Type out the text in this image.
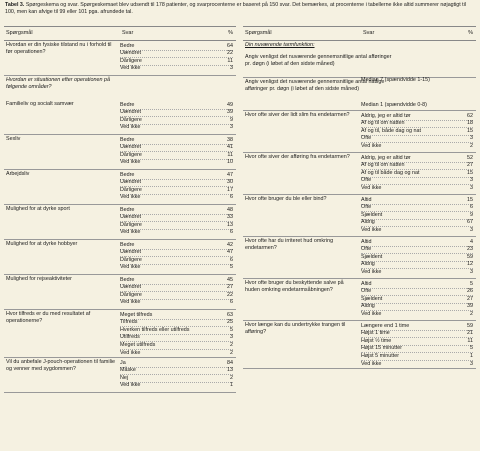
Tabel 3. Spørgeskema og svar. Spørgeskemaet blev udsendt til 178 patienter, og svarprocenterne er baseret på 150 svar. Det bemærkes, at procenterne i tabellerne ikke altid summerer nøjagtigt til 100, men kan afvige til 99 eller 101 pga. afrundede tal.
Spørgsmål	Svar	%
Hvordan er din fysiske tilstand nu i forhold til før operationen?
Bedre	64
Uændret	22
Dårligere	11
Ved ikke	3
Hvordan er situationen efter operationen på følgende områder?
Familieliv og socialt samvær	Bedre	49
Uændret	39
Dårligere	9
Ved ikke	3
Sexliv	Bedre	38
Uændret	41
Dårligere	11
Ved ikke	10
Arbejdsliv	Bedre	47
Uændret	30
Dårligere	17
Ved ikke	6
Mulighed for at dyrke sport	Bedre	48
Uændret	33
Dårligere	13
Ved ikke	6
Mulighed for at dyrke hobbyer	Bedre	42
Uændret	47
Dårligere	6
Ved ikke	5
Mulighed for rejseaktiviteter	Bedre	45
Uændret	27
Dårligere	22
Ved ikke	6
Hvor tilfreds er du med resultatet af operationerne?
Meget tilfreds	63
Tilfreds	25
Hverken tilfreds eller utilfreds	5
Utilfreds	3
Meget utilfreds	2
Ved ikke	2
Vil du anbefale J-pouch-operationen til familie og venner med sygdommen?
Ja	84
Måske	13
Nej	2
Ved ikke	1
Spørgsmål	Svar	%
Din nuværende tarmfunktion:
Angiv venligst det nuværende gennemsnitlige antal afføringer pr. døgn (i løbet af den sidste måned)
Median 7 (spændvidde 1-15)
Angiv venligst det nuværende gennemsnitlige antal natlige afføringer pr. døgn (i løbet af den sidste måned)
Median 1 (spændvidde 0-8)
Hvor ofte siver der lidt slim fra endetarmen?	Aldrig, jeg er altid tør	62
Af og til om natten	18
Af og til, både dag og nat	15
Ofte	3
Ved ikke	2
Hvor ofte siver der afføring fra endetarmen?	Aldrig, jeg er altid tør	52
Af og til om natten	27
Af og til både dag og nat	15
Ofte	3
Ved ikke	3
Hvor ofte bruger du ble eller bind?	Altid	15
Ofte	6
Sjældent	9
Aldrig	67
Ved ikke	3
Hvor ofte har du irriteret hud omkring endetarmen?
Altid	4
Ofte	23
Sjældent	59
Aldrig	12
Ved ikke	3
Hvor ofte bruger du beskyttende salve på huden omkring endetarmsåbningen?
Altid	5
Ofte	26
Sjældent	27
Aldrig	39
Ved ikke	2
Hvor længe kan du undertrykke trangen til afføring?
Længere end 1 time	59
Højst 1 time	21
Højst ½ time	11
Højst 15 minutter	5
Højst 5 minutter	1
Ved ikke	3
